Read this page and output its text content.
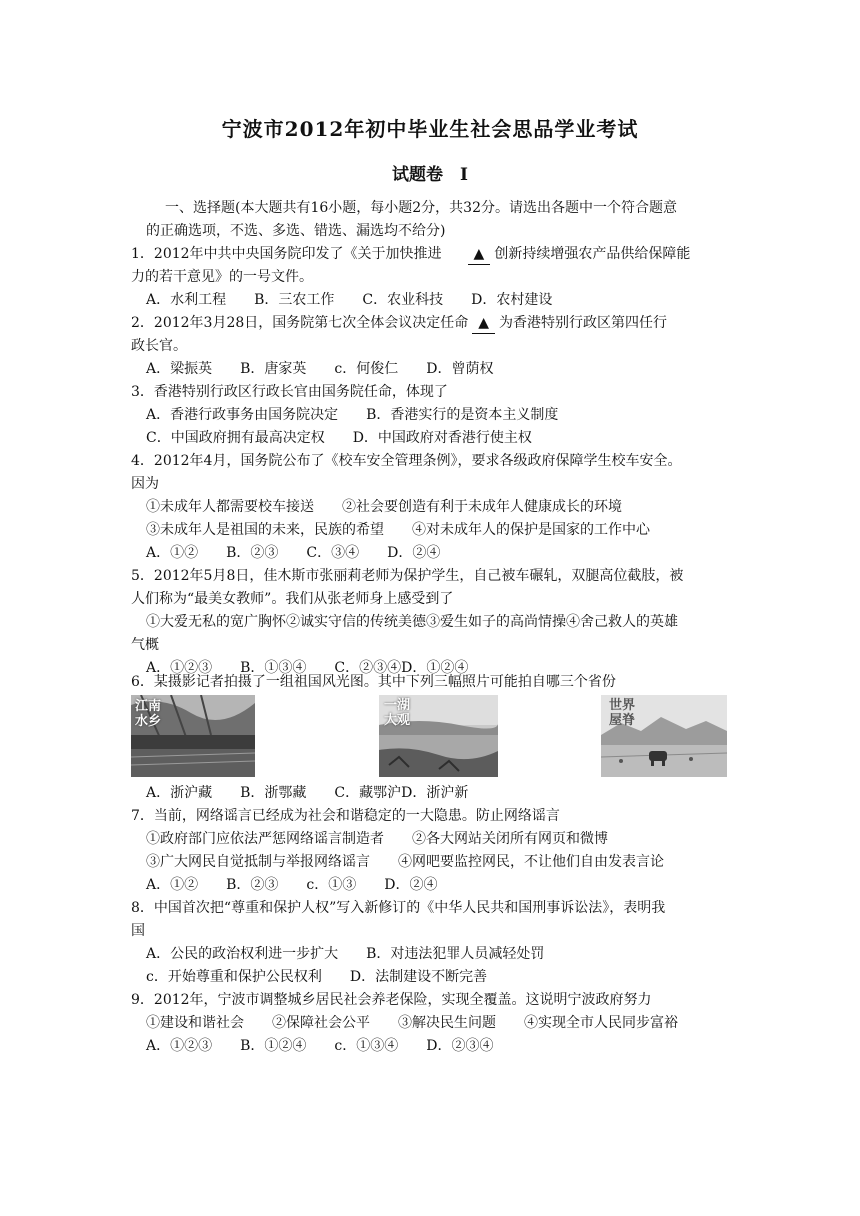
宁波市2012年初中毕业生社会思品学业考试
试题卷　Ⅰ
一、选择题(本大题共有16小题，每小题2分，共32分。请选出各题中一个符合题意
的正确选项，不选、多选、错选、漏选均不给分)
1．2012年中共中央国务院印发了《关于加快推进 ▲ 创新持续增强农产品供给保障能
力的若干意见》的一号文件。
A．水利工程　　B．三农工作　　C．农业科技　　D．农村建设
2．2012年3月28日，国务院第七次全体会议决定任命 ▲ 为香港特别行政区第四任行
政长官。
A．梁振英　　B．唐家英　　c．何俊仁　　D．曾荫权
3．香港特别行政区行政长官由国务院任命，体现了
A．香港行政事务由国务院决定　　B．香港实行的是资本主义制度
C．中国政府拥有最高决定权　　D．中国政府对香港行使主权
4．2012年4月，国务院公布了《校车安全管理条例》，要求各级政府保障学生校车安全。
因为
①未成年人都需要校车接送　　②社会要创造有利于未成年人健康成长的环境
③未成年人是祖国的未来，民族的希望　　④对未成年人的保护是国家的工作中心
A．①②　　B．②③　　C．③④　　D．②④
5．2012年5月8日，佳木斯市张丽莉老师为保护学生，自己被车碾轧，双腿高位截肢，被
人们称为“最美女教师”。我们从张老师身上感受到了
①大爱无私的宽广胸怀②诚实守信的传统美德③爱生如子的高尚情操④舍己救人的英雄
气概
A．①②③　　B．①③④　　C．②③④D．①②④
6．某摄影记者拍摄了一组祖国风光图。其中下列三幅照片可能拍自哪三个省份
江南水乡
一湖大观
世界屋脊
A．浙沪藏　　B．浙鄂藏　　C．藏鄂沪D．浙沪新
7．当前，网络谣言已经成为社会和谐稳定的一大隐患。防止网络谣言
①政府部门应依法严惩网络谣言制造者　　②各大网站关闭所有网页和微博
③广大网民自觉抵制与举报网络谣言　　④网吧要监控网民，不让他们自由发表言论
A．①②　　B．②③　　c．①③　　D．②④
8．中国首次把“尊重和保护人权”写入新修订的《中华人民共和国刑事诉讼法》，表明我
国
A．公民的政治权利进一步扩大　　B．对违法犯罪人员减轻处罚
c．开始尊重和保护公民权利　　D．法制建设不断完善
9．2012年，宁波市调整城乡居民社会养老保险，实现全覆盖。这说明宁波政府努力
①建设和谐社会　　②保障社会公平　　③解决民生问题　　④实现全市人民同步富裕
A．①②③　　B．①②④　　c．①③④　　D．②③④
